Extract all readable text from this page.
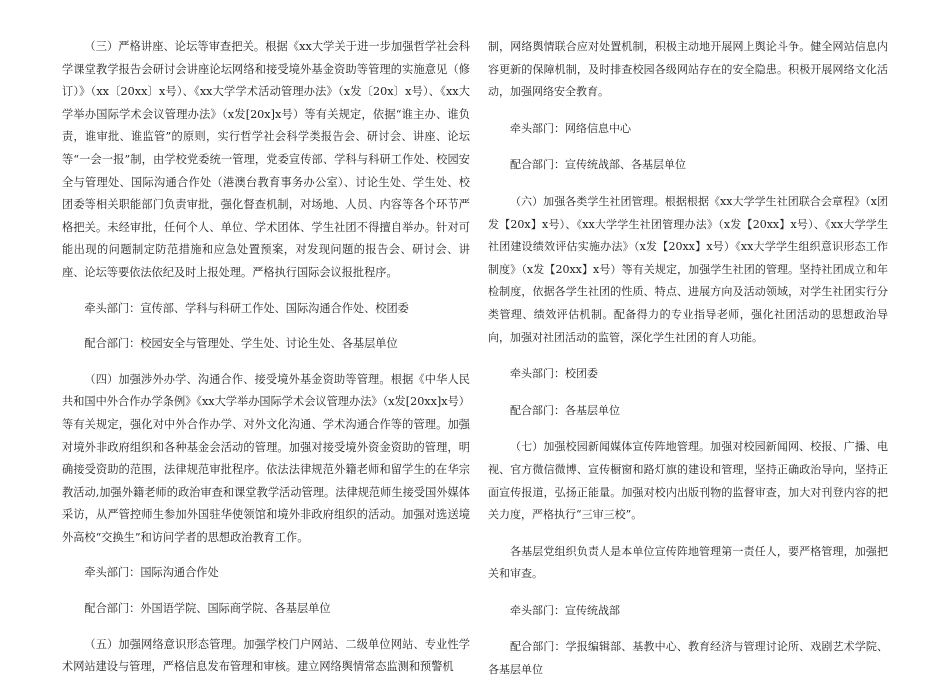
（三）严格讲座、论坛等审查把关。根据《xx大学关于进一步加强哲学社会科学课堂教学报告会研讨会讲座论坛网络和接受境外基金资助等管理的实施意见（修订）》（xx〔20xx〕x号）、《xx大学学术活动管理办法》（x发〔20x〕x号）、《xx大学举办国际学术会议管理办法》（x发[20x]x号）等有关规定，依据“谁主办、谁负责，谁审批、谁监管”的原则，实行哲学社会科学类报告会、研讨会、讲座、论坛等“一会一报”制，由学校党委统一管理，党委宣传部、学科与科研工作处、校园安全与管理处、国际沟通合作处（港澳台教育事务办公室）、讨论生处、学生处、校团委等相关职能部门负责审批，强化督查机制，对场地、人员、内容等各个环节严格把关。未经审批，任何个人、单位、学术团体、学生社团不得擅自举办。针对可能出现的问题制定防范措施和应急处置预案，对发现问题的报告会、研讨会、讲座、论坛等要依法依纪及时上报处理。严格执行国际会议报批程序。

牵头部门：宣传部、学科与科研工作处、国际沟通合作处、校团委

配合部门：校园安全与管理处、学生处、讨论生处、各基层单位

（四）加强涉外办学、沟通合作、接受境外基金资助等管理。根据《中华人民共和国中外合作办学条例》《xx大学举办国际学术会议管理办法》（x发[20xx]x号）等有关规定，强化对中外合作办学、对外文化沟通、学术沟通合作等的管理。加强对境外非政府组织和各种基金会活动的管理。加强对接受境外资金资助的管理，明确接受资助的范围，法律规范审批程序。依法法律规范外籍老师和留学生的在华宗教活动,加强外籍老师的政治审查和课堂教学活动管理。法律规范师生接受国外媒体采访，从严管控师生参加外国驻华使领馆和境外非政府组织的活动。加强对选送境外高校“交换生”和访问学者的思想政治教育工作。

牵头部门：国际沟通合作处

配合部门：外国语学院、国际商学院、各基层单位

（五）加强网络意识形态管理。加强学校门户网站、二级单位网站、专业性学术网站建设与管理，严格信息发布管理和审核。建立网络舆情常态监测和预警机

制，网络舆情联合应对处置机制，积极主动地开展网上舆论斗争。健全网站信息内容更新的保障机制，及时排查校园各级网站存在的安全隐患。积极开展网络文化活动，加强网络安全教育。

牵头部门：网络信息中心

配合部门：宣传统战部、各基层单位

（六）加强各类学生社团管理。根据根据《xx大学学生社团联合会章程》（x团发【20x】x号）、《xx大学学生社团管理办法》（x发【20xx】x号）、《xx大学学生社团建设绩效评估实施办法》（x发【20xx】x号）《xx大学学生组织意识形态工作制度》（x发【20xx】x号）等有关规定，加强学生社团的管理。坚持社团成立和年检制度，依据各学生社团的性质、特点、进展方向及活动领域，对学生社团实行分类管理、绩效评估机制。配备得力的专业指导老师，强化社团活动的思想政治导向，加强对社团活动的监管，深化学生社团的育人功能。

牵头部门：校团委

配合部门：各基层单位

（七）加强校园新闻媒体宣传阵地管理。加强对校园新闻网、校报、广播、电视、官方微信微博、宣传橱窗和路灯旗的建设和管理，坚持正确政治导向，坚持正面宣传报道，弘扬正能量。加强对校内出版刊物的监督审查，加大对刊登内容的把关力度，严格执行“三审三校”。

各基层党组织负责人是本单位宣传阵地管理第一责任人，要严格管理，加强把关和审查。

牵头部门：宣传统战部

配合部门：学报编辑部、基教中心、教育经济与管理讨论所、戏剧艺术学院、各基层单位
